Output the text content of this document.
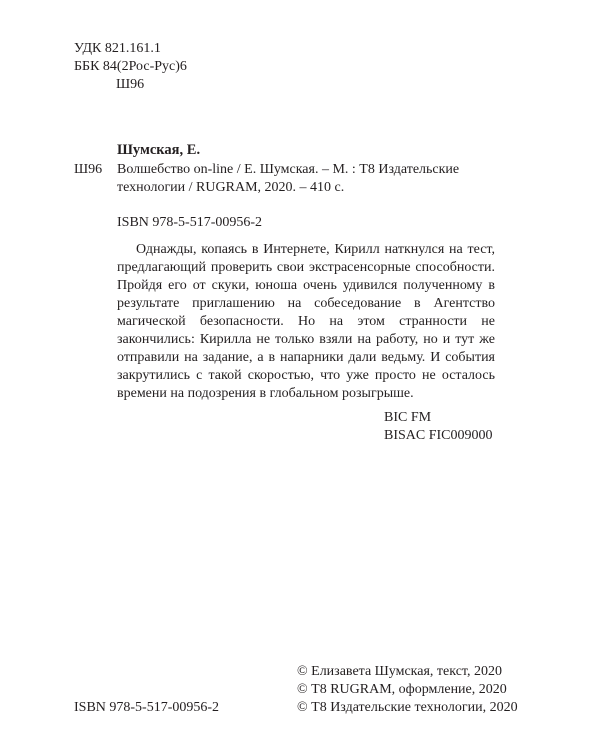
УДК 821.161.1
ББК 84(2Рос-Рус)6
Ш96
Шумская, Е.
Ш96 Волшебство on-line / Е. Шумская. – М. : Т8 Издательские
технологии / RUGRAM, 2020. – 410 с.
ISBN 978-5-517-00956-2

Однажды, копаясь в Интернете, Кирилл наткнулся на тест, предлагающий проверить свои экстрасенсорные способности. Пройдя его от скуки, юноша очень удивился полученному в результате приглашению на собеседование в Агентство магической безопасности. Но на этом странности не закончились: Кирилла не только взяли на работу, но и тут же отправили на задание, а в напарники дали ведьму. И события закрутились с такой скоростью, что уже просто не осталось времени на подозрения в глобальном розыгрыше.

BIC FM
BISAC FIC009000
© Елизавета Шумская, текст, 2020
© Т8 RUGRAM, оформление, 2020
© Т8 Издательские технологии, 2020
ISBN 978-5-517-00956-2
